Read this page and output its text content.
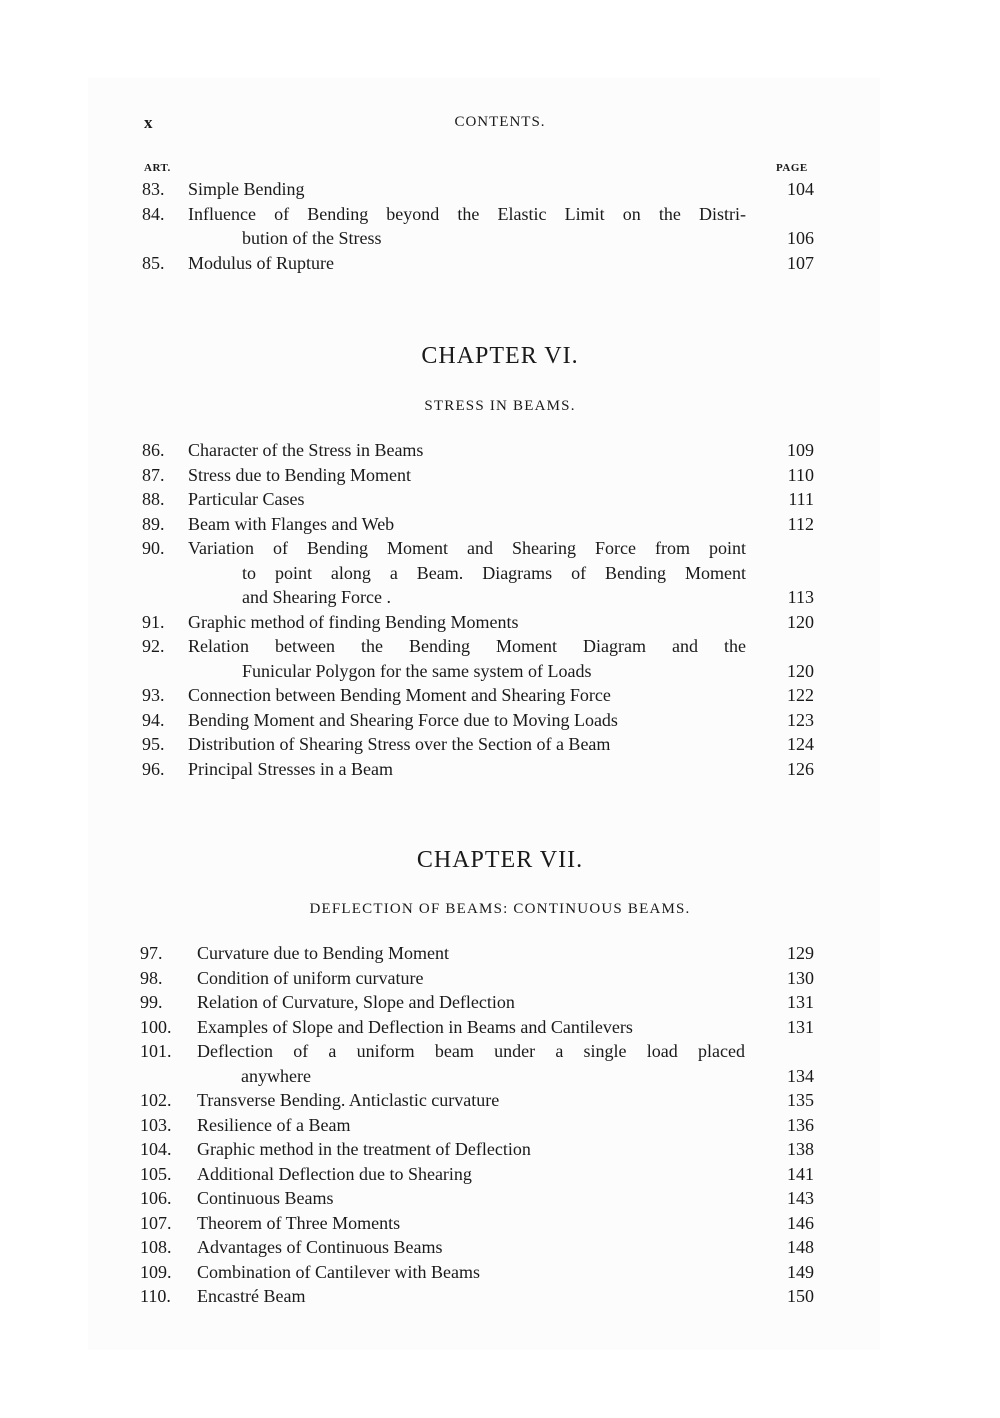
x	CONTENTS.
ART.	PAGE
83.	Simple Bending	104
84.	Influence of Bending beyond the Elastic Limit on the Distri-
bution of the Stress	106
85.	Modulus of Rupture	107
CHAPTER VI.
STRESS IN BEAMS.
86.	Character of the Stress in Beams	109
87.	Stress due to Bending Moment	110
88.	Particular Cases	111
89.	Beam with Flanges and Web	112
90.	Variation of Bending Moment and Shearing Force from point
to point along a Beam. Diagrams of Bending Moment
and Shearing Force .	113
91.	Graphic method of finding Bending Moments	120
92.	Relation between the Bending Moment Diagram and the
Funicular Polygon for the same system of Loads	120
93.	Connection between Bending Moment and Shearing Force	122
94.	Bending Moment and Shearing Force due to Moving Loads	123
95.	Distribution of Shearing Stress over the Section of a Beam	124
96.	Principal Stresses in a Beam	126
CHAPTER VII.
DEFLECTION OF BEAMS: CONTINUOUS BEAMS.
97.	Curvature due to Bending Moment	129
98.	Condition of uniform curvature	130
99.	Relation of Curvature, Slope and Deflection	131
100.	Examples of Slope and Deflection in Beams and Cantilevers	131
101.	Deflection of a uniform beam under a single load placed
anywhere	134
102.	Transverse Bending. Anticlastic curvature	135
103.	Resilience of a Beam	136
104.	Graphic method in the treatment of Deflection	138
105.	Additional Deflection due to Shearing	141
106.	Continuous Beams	143
107.	Theorem of Three Moments	146
108.	Advantages of Continuous Beams	148
109.	Combination of Cantilever with Beams	149
110.	Encastré Beam	150
